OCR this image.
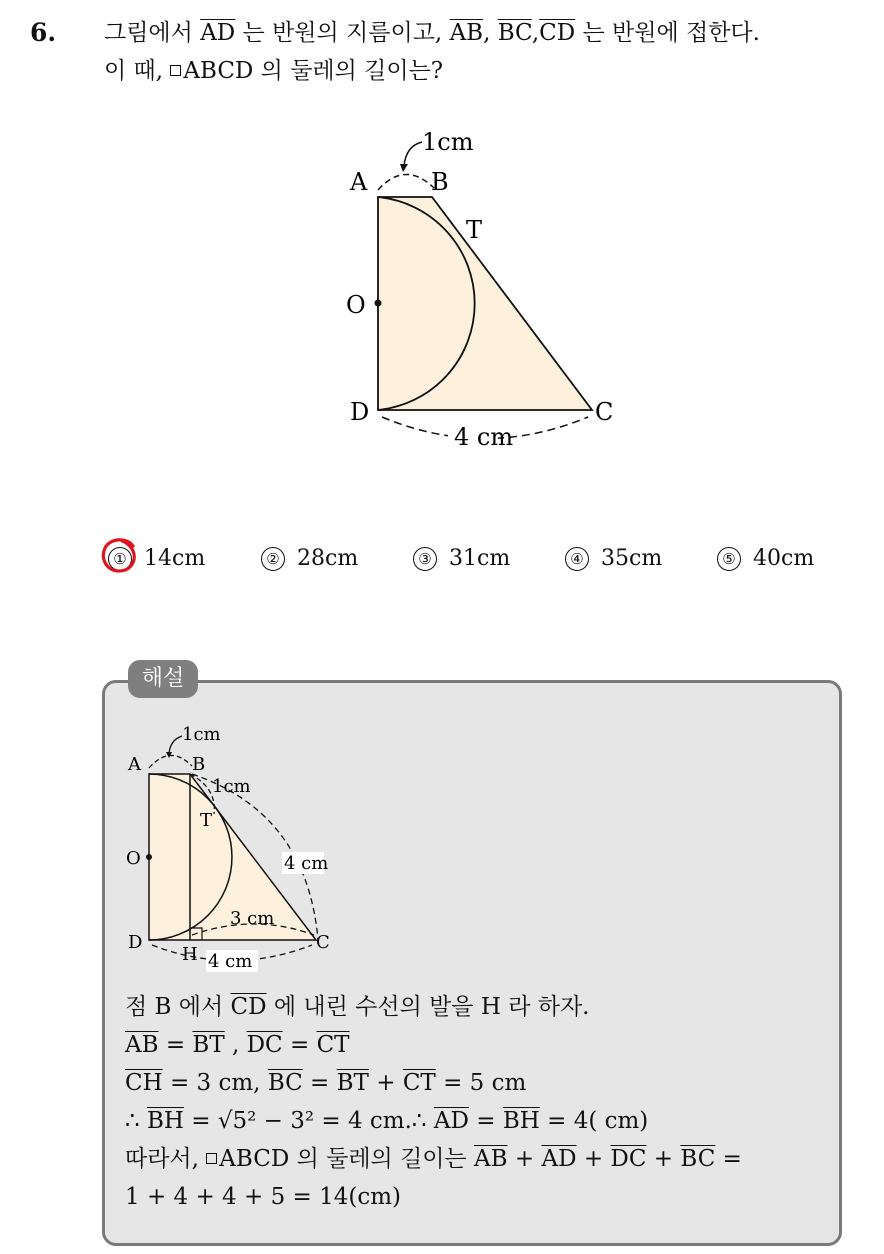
6. 그림에서 $\overline{AD}$ 는 반원의 지름이고, $\overline{AB}$, $\overline{BC},\overline{CD}$ 는 반원에 접한다.
이 때, ABCD 의 둘레의 길이는?
A	B
T
O
D	C
1cm
4 cm
① 14cm	② 28cm	③ 31cm	④ 35cm	⑤ 40cm
해설
A	B
T
O
D
H
C
1cm
1cm
4 cm
3 cm
4 cm
점 B 에서 $\overline{CD}$ 에 내린 수선의 발을 H 라 하자.
$\overline{AB} = \overline{BT}$ , $\overline{DC} = \overline{CT}$
$\overline{CH} = 3$ cm, $\overline{BC} = \overline{BT} + \overline{CT} = 5$ cm
∴ $\overline{BH} = √5^2 - 3^2 = 4$ cm.∴ $\overline{AD} = \overline{BH} = 4$( cm)
따라서, ABCD 의 둘레의 길이는 $\overline{AB} + \overline{AD} + \overline{DC} + \overline{BC}$ =
1 + 4 + 4 + 5 = 14(cm)
